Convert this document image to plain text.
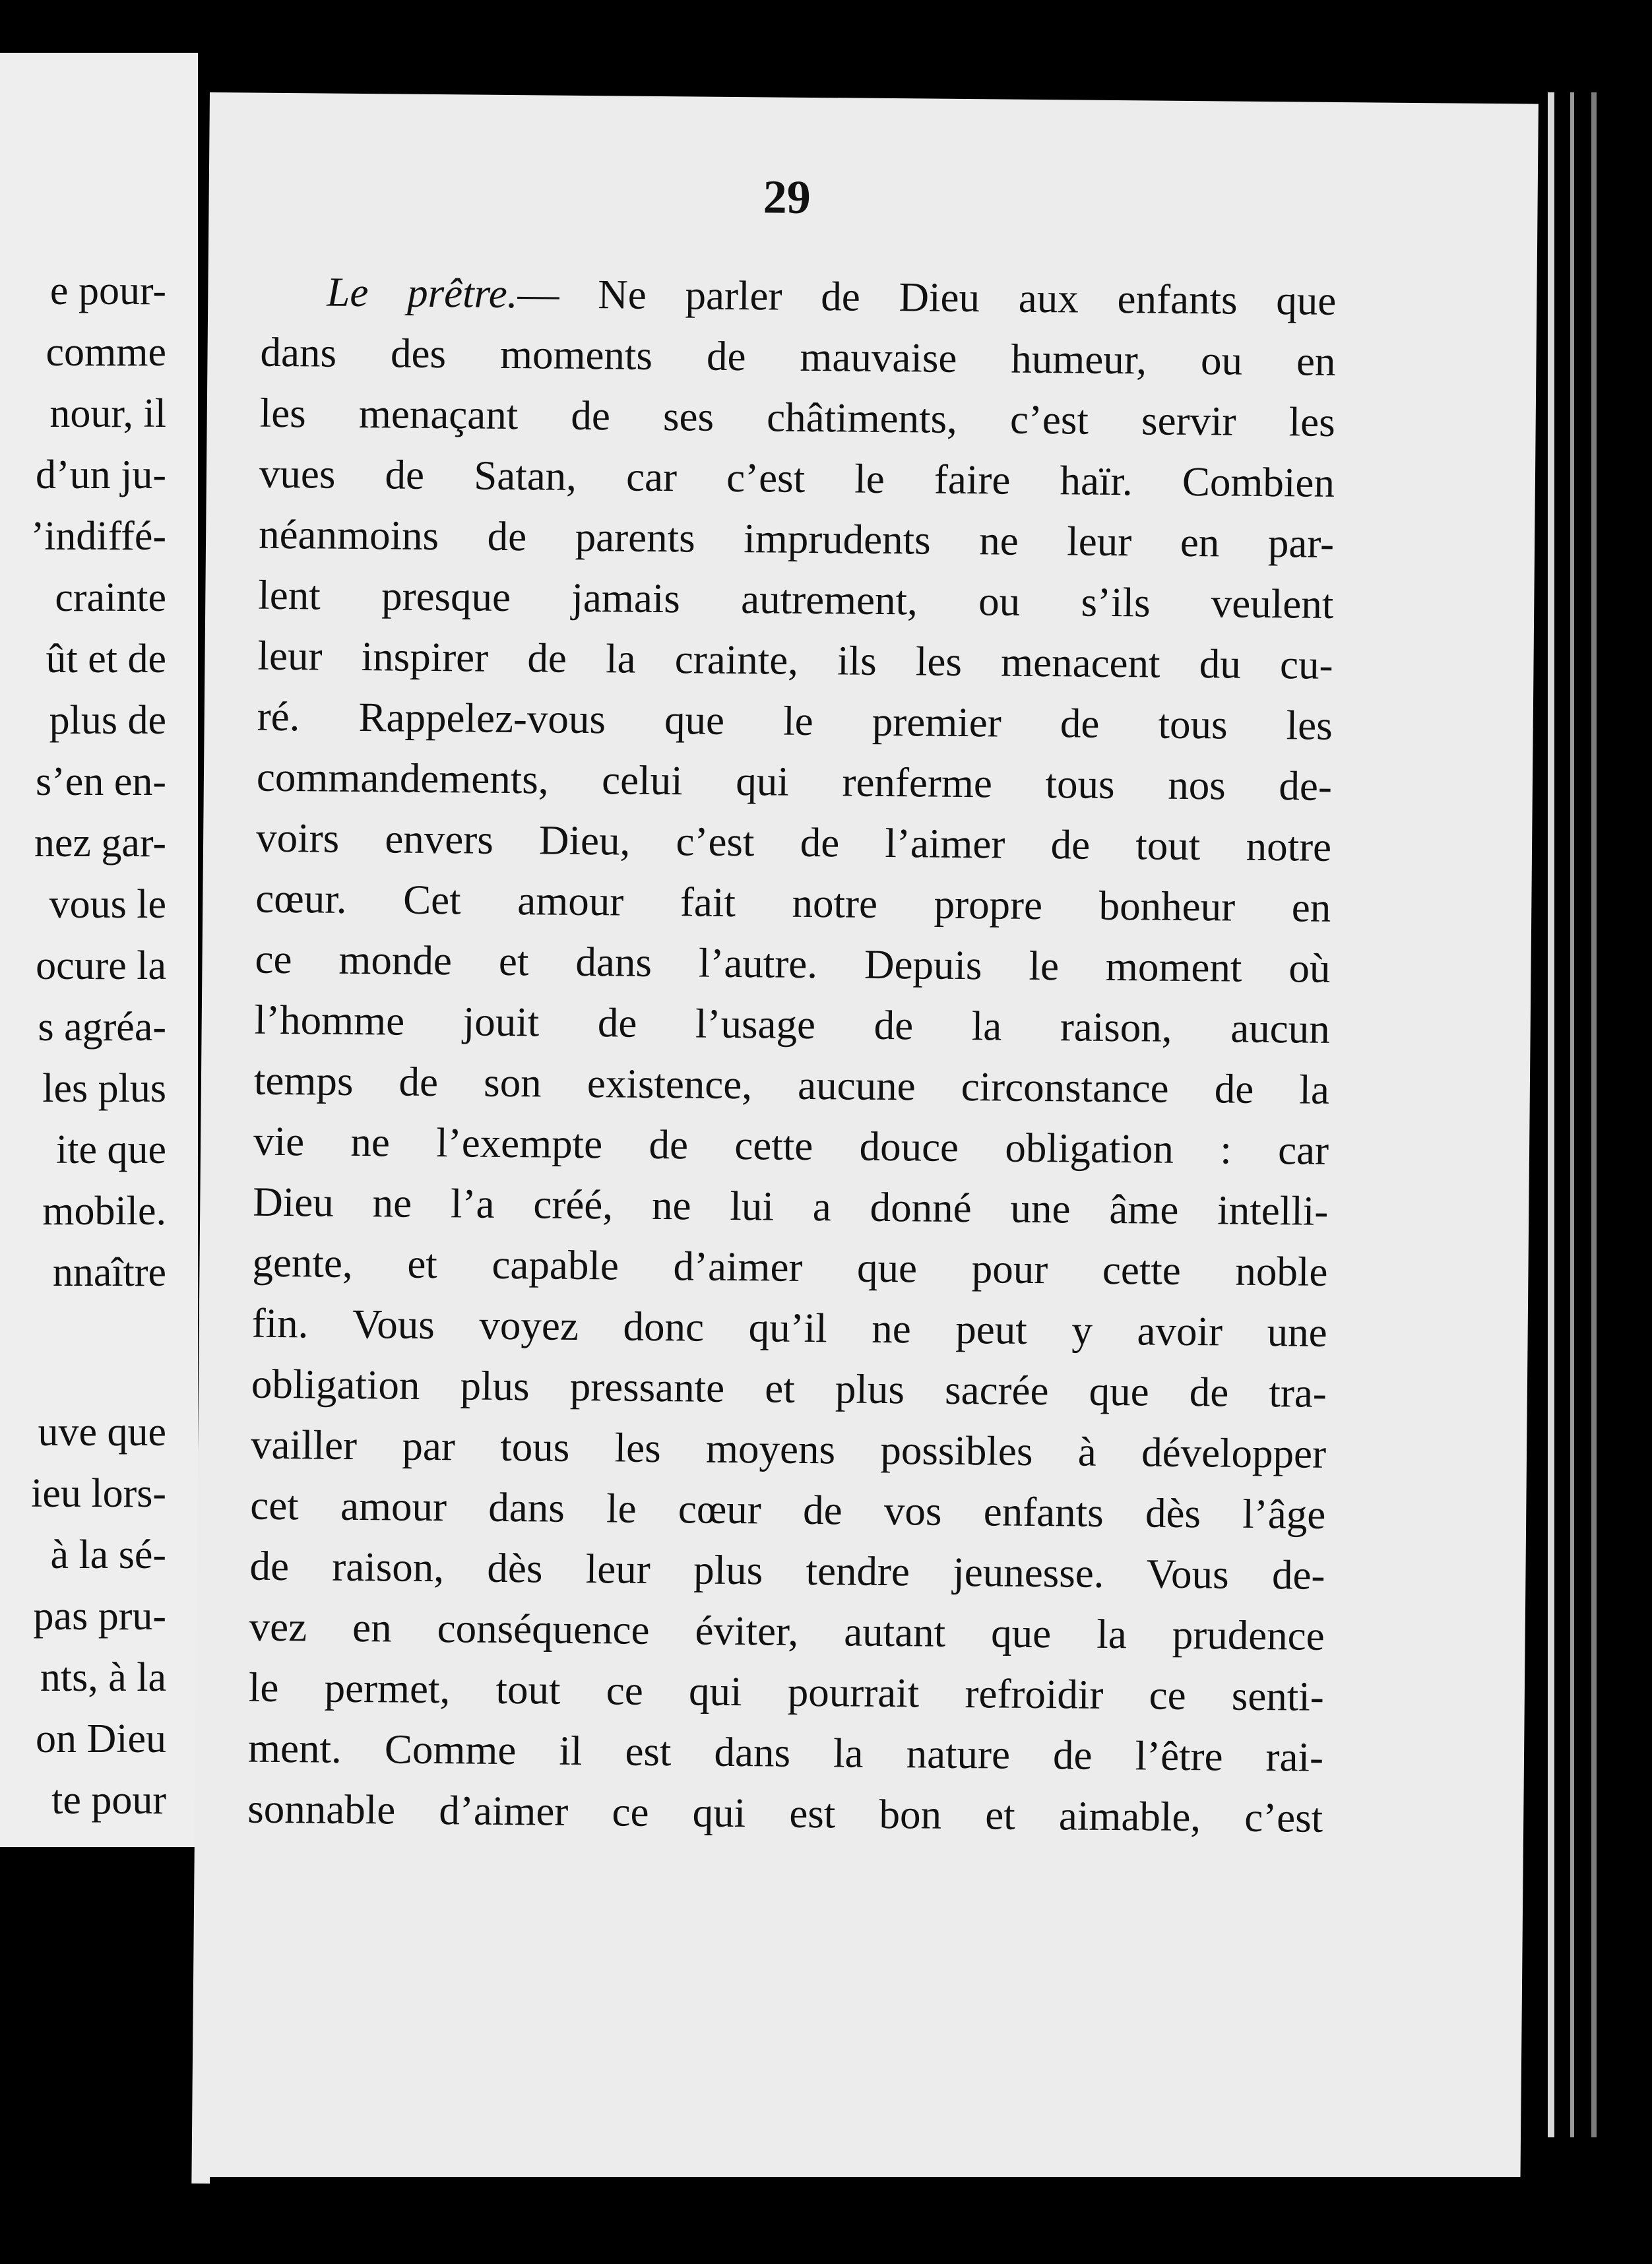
e pour-
comme
nour, il
d’un ju-
’indiffé-
crainte
ût et de
plus de
s’en en-
nez gar-
vous le
ocure la
s agréa-
les plus
ite que
mobile.
nnaître
uve que
ieu lors-
à la sé-
pas pru-
nts, à la
on Dieu
te pour
29
Le prêtre.— Ne parler de Dieu aux enfants que
dans des moments de mauvaise humeur, ou en
les menaçant de ses châtiments, c’est servir les
vues de Satan, car c’est le faire haïr. Combien
néanmoins de parents imprudents ne leur en par-
lent presque jamais autrement, ou s’ils veulent
leur inspirer de la crainte, ils les menacent du cu-
ré. Rappelez-vous que le premier de tous les
commandements, celui qui renferme tous nos de-
voirs envers Dieu, c’est de l’aimer de tout notre
cœur. Cet amour fait notre propre bonheur en
ce monde et dans l’autre. Depuis le moment où
l’homme jouit de l’usage de la raison, aucun
temps de son existence, aucune circonstance de la
vie ne l’exempte de cette douce obligation : car
Dieu ne l’a créé, ne lui a donné une âme intelli-
gente, et capable d’aimer que pour cette noble
fin. Vous voyez donc qu’il ne peut y avoir une
obligation plus pressante et plus sacrée que de tra-
vailler par tous les moyens possibles à développer
cet amour dans le cœur de vos enfants dès l’âge
de raison, dès leur plus tendre jeunesse. Vous de-
vez en conséquence éviter, autant que la prudence
le permet, tout ce qui pourrait refroidir ce senti-
ment. Comme il est dans la nature de l’être rai-
sonnable d’aimer ce qui est bon et aimable, c’est
